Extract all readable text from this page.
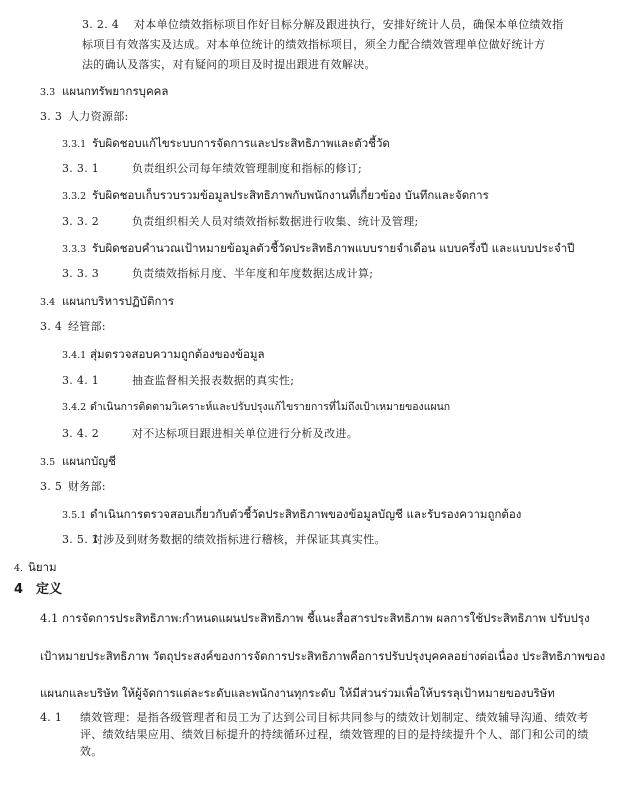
3. 2. 4 对本单位绩效指标项目作好目标分解及跟进执行，安排好统计人员，确保本单位绩效指
标项目有效落实及达成。对本单位统计的绩效指标项目，须全力配合绩效管理单位做好统计方
法的确认及落实，对有疑问的项目及时提出跟进有效解决。
3.3 แผนกทรัพยากรบุคคล
3. 3 人力资源部:
3.3.1 รับผิดชอบแก้ไขระบบการจัดการและประสิทธิภาพและตัวชี้วัด
3. 3. 1	负责组织公司每年绩效管理制度和指标的修订;
3.3.2 รับผิดชอบเก็บรวบรวมข้อมูลประสิทธิภาพกับพนักงานที่เกี่ยวข้อง บันทึกและจัดการ
3. 3. 2	负责组织相关人员对绩效指标数据进行收集、统计及管理;
3.3.3 รับผิดชอบคำนวณเป้าหมายข้อมูลตัวชี้วัดประสิทธิภาพแบบรายจำเดือน แบบครึ่งปี และแบบประจำปี
3. 3. 3	负责绩效指标月度、半年度和年度数据达成计算;
3.4 แผนกบริหารปฏิบัติการ
3. 4 经管部:
3.4.1 สุ่มตรวจสอบความถูกต้องของข้อมูล
3. 4. 1	抽查监督相关报表数据的真实性;
3.4.2 ดำเนินการติดตามวิเคราะห์และปรับปรุงแก้ไขรายการที่ไม่ถึงเป้าเหมายของแผนก
3. 4. 2	对不达标项目跟进相关单位进行分析及改进。
3.5 แผนกบัญชี
3. 5 财务部:
3.5.1 ดำเนินการตรวจสอบเกี่ยวกับตัวชี้วัดประสิทธิภาพของข้อมูลบัญชี และรับรองความถูกต้อง
3. 5. 1对涉及到财务数据的绩效指标进行稽核，并保证其真实性。
4. นิยาม
4 定义
4.1 การจัดการประสิทธิภาพ:กำหนดแผนประสิทธิภาพ ชี้แนะสื่อสารประสิทธิภาพ ผลการใช้ประสิทธิภาพ ปรับปรุง
เป้าหมายประสิทธิภาพ วัตถุประสงค์ของการจัดการประสิทธิภาพคือการปรับปรุงบุคคลอย่างต่อเนื่อง ประสิทธิภาพของ
แผนกและบริษัท ให้ผู้จัดการแต่ละระดับและพนักงานทุกระดับ ให้มีส่วนร่วมเพื่อให้บรรลุเป้าหมายของบริษัท
4. 1 绩效管理：是指各级管理者和员工为了达到公司目标共同参与的绩效计划制定、绩效辅导沟通、绩效考
评、绩效结果应用、绩效目标提升的持续循环过程，绩效管理的目的是持续提升个人、部门和公司的绩
效。
